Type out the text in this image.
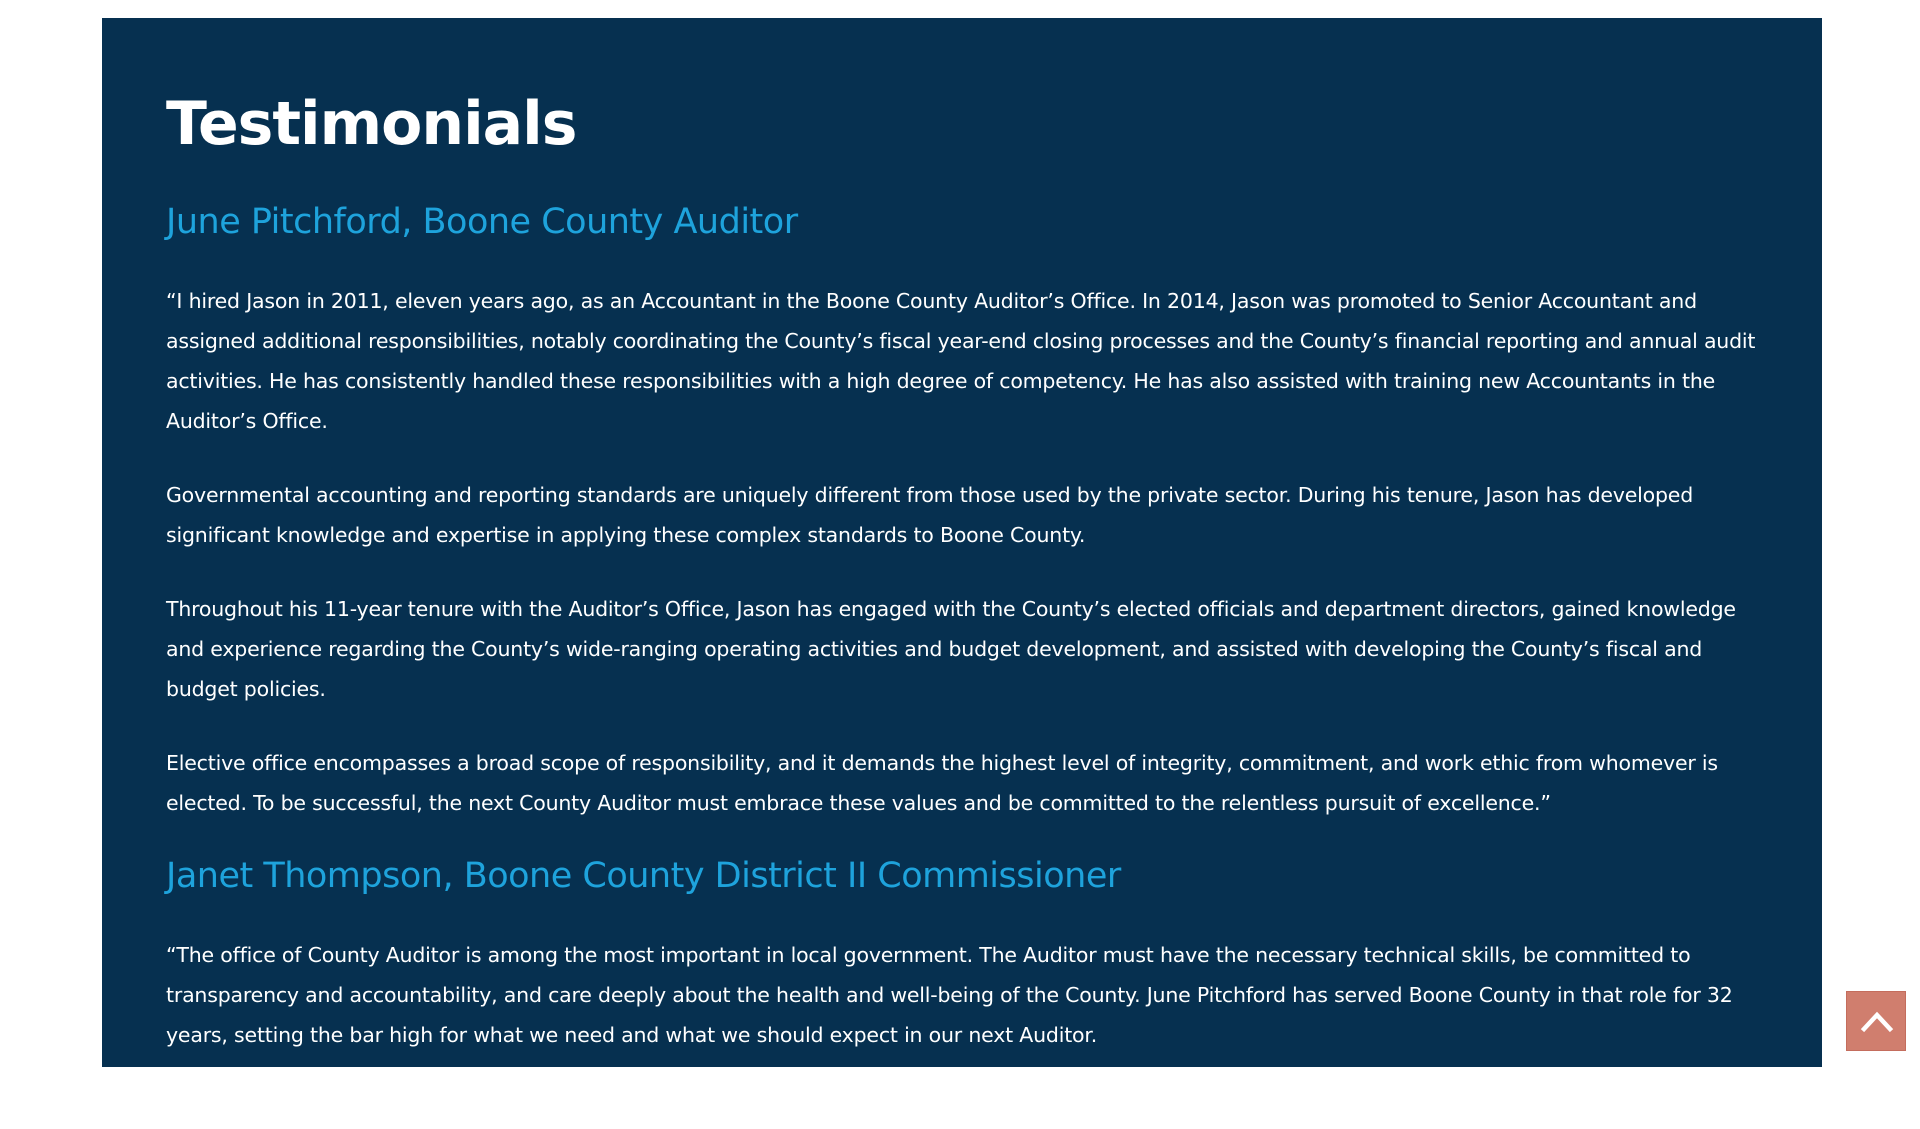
Testimonials
June Pitchford, Boone County Auditor

“I hired Jason in 2011, eleven years ago, as an Accountant in the Boone County Auditor’s Office. In 2014, Jason was promoted to Senior Accountant and assigned additional responsibilities, notably coordinating the County’s fiscal year-end closing processes and the County’s financial reporting and annual audit activities. He has consistently handled these responsibilities with a high degree of competency. He has also assisted with training new Accountants in the Auditor’s Office.

Governmental accounting and reporting standards are uniquely different from those used by the private sector. During his tenure, Jason has developed significant knowledge and expertise in applying these complex standards to Boone County.

Throughout his 11-year tenure with the Auditor’s Office, Jason has engaged with the County’s elected officials and department directors, gained knowledge and experience regarding the County’s wide-ranging operating activities and budget development, and assisted with developing the County’s fiscal and budget policies.

Elective office encompasses a broad scope of responsibility, and it demands the highest level of integrity, commitment, and work ethic from whomever is elected. To be successful, the next County Auditor must embrace these values and be committed to the relentless pursuit of excellence.”

Janet Thompson, Boone County District II Commissioner

“The office of County Auditor is among the most important in local government. The Auditor must have the necessary technical skills, be committed to transparency and accountability, and care deeply about the health and well-being of the County. June Pitchford has served Boone County in that role for 32 years, setting the bar high for what we need and what we should expect in our next Auditor.

Jason Gibson has worked closely with June for the last 11 years and will continue to provide the same service & accountability we have been fortunate to
